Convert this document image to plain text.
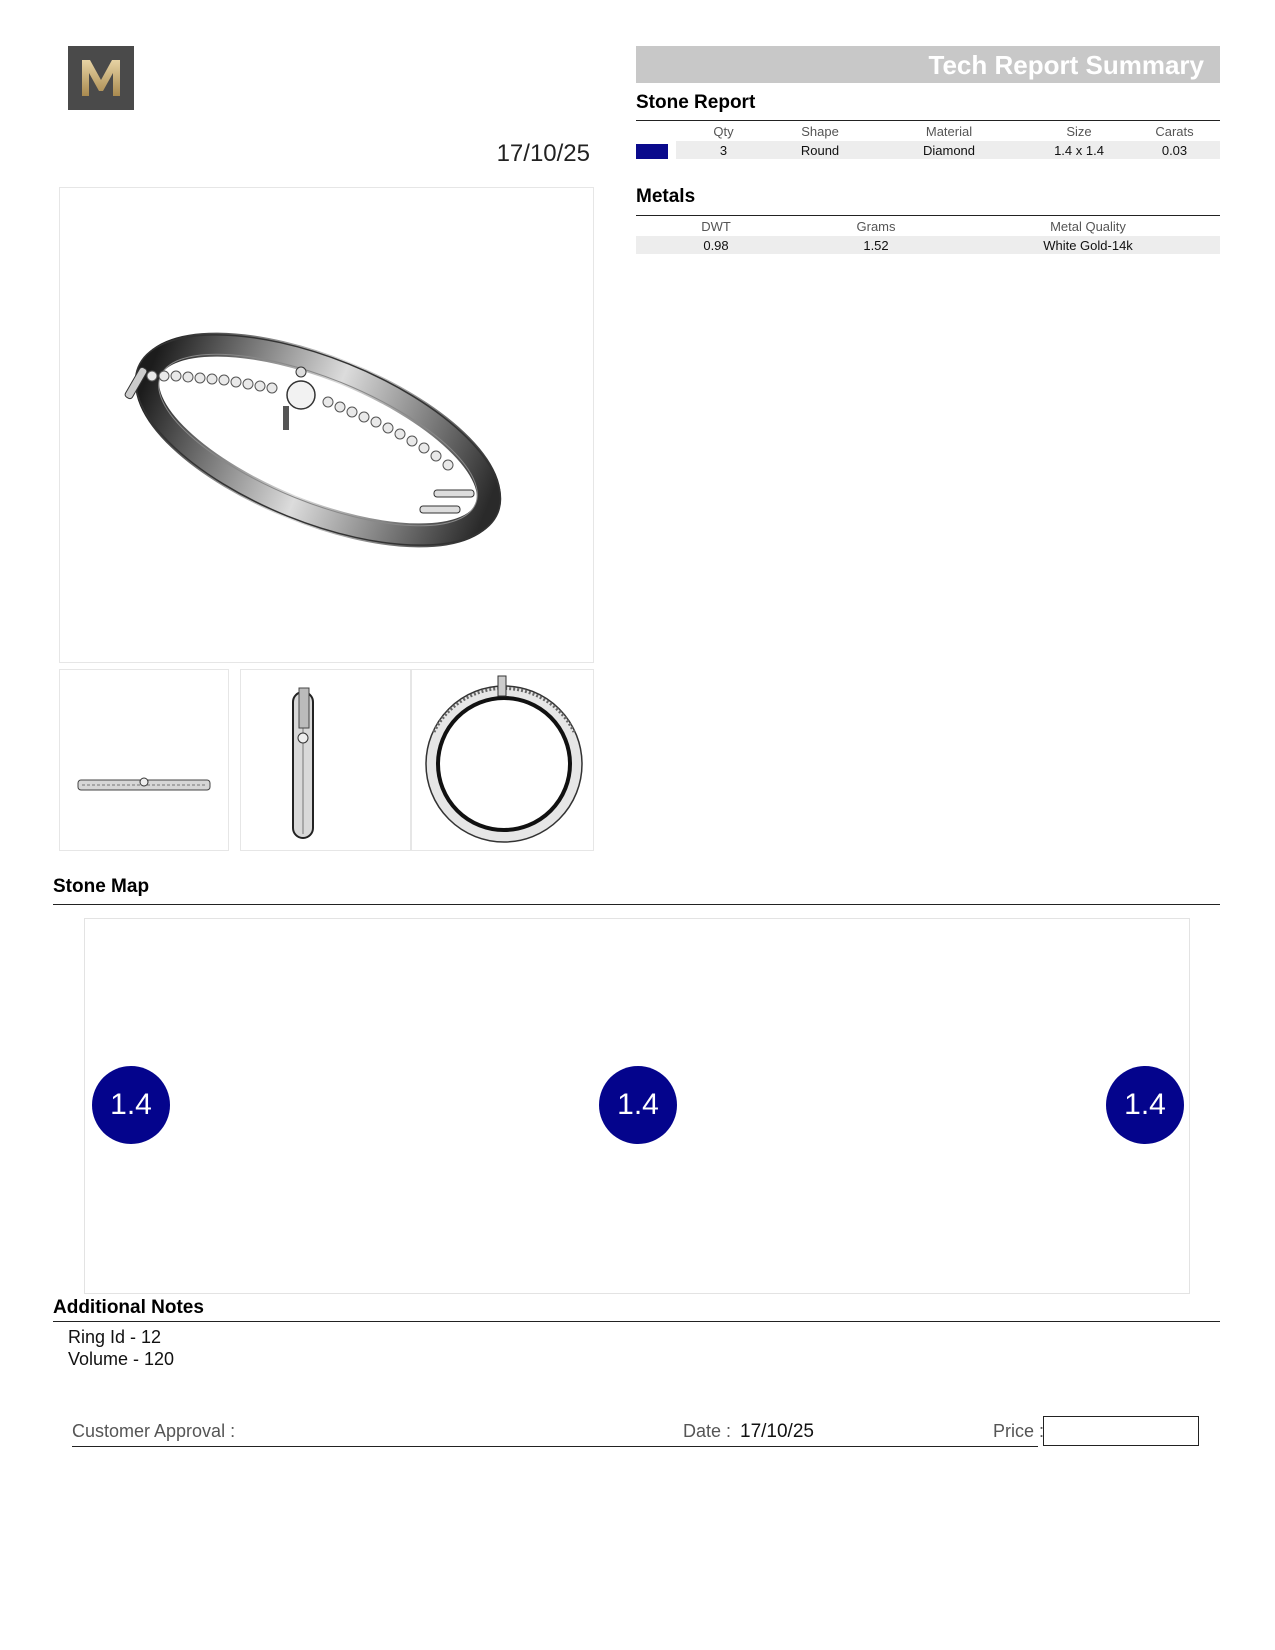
17/10/25
Tech Report Summary
Stone Report
	Qty	Shape	Material	Size	Carats

	3	Round	Diamond	1.4 x 1.4	0.03
Metals
DWT	Grams	Metal Quality
0.98	1.52	White Gold-14k
Stone Map
1.4	1.4	1.4
Additional Notes
Ring Id - 12
Volume - 120
Customer Approval :	Date : 17/10/25	Price :
